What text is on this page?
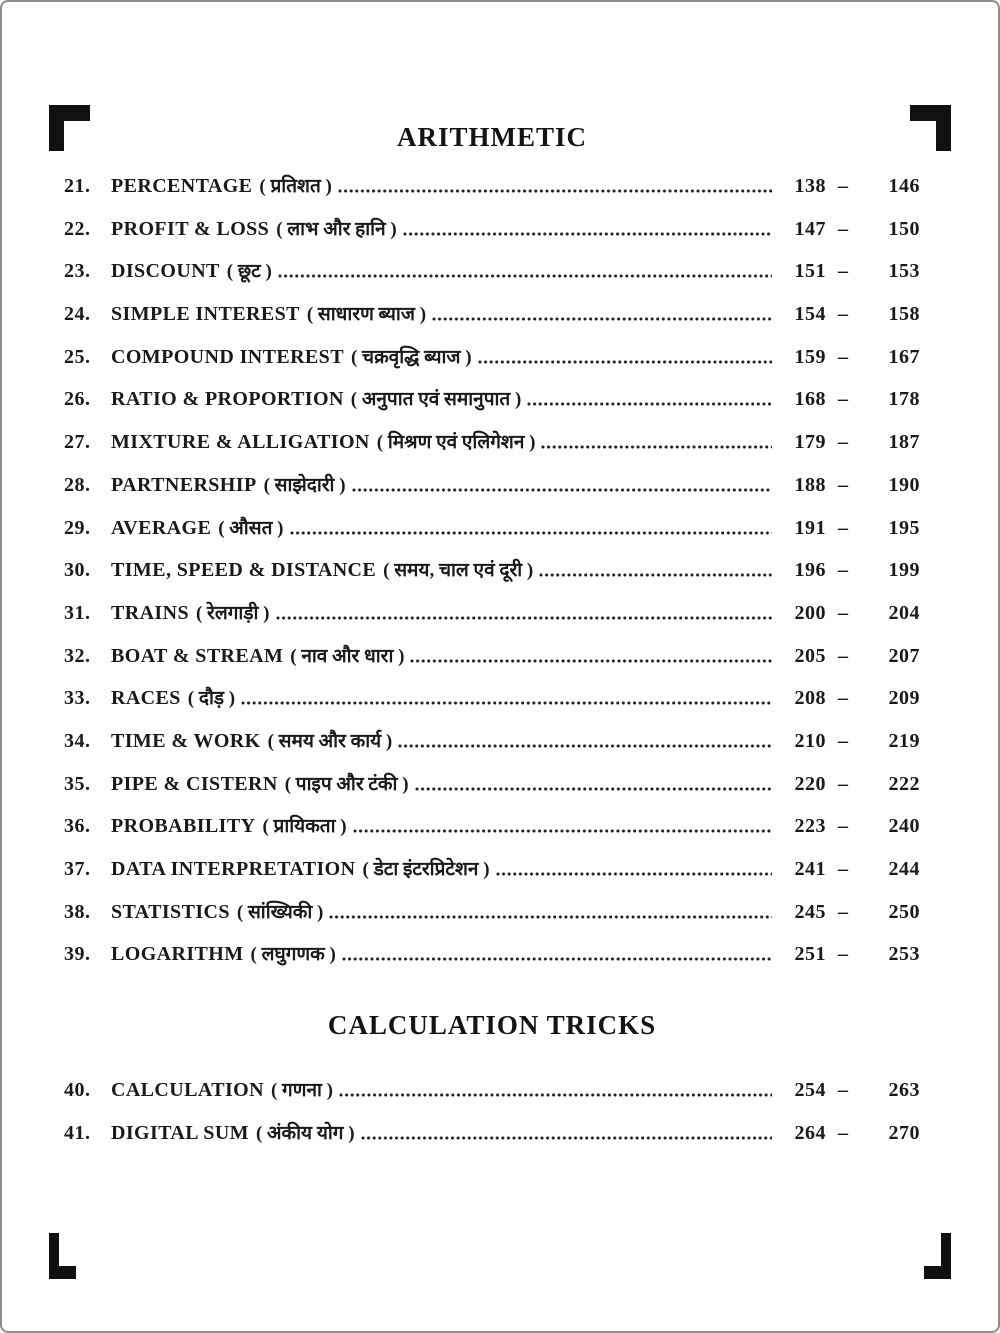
ARITHMETIC
21.	PERCENTAGE ( प्रतिशत )	138 –	146
22.	PROFIT & LOSS ( लाभ और हानि )	147 –	150
23.	DISCOUNT ( छूट )	151 –	153
24.	SIMPLE INTEREST ( साधारण ब्याज )	154 –	158
25.	COMPOUND INTEREST ( चक्रवृद्धि ब्याज )	159 –	167
26.	RATIO & PROPORTION ( अनुपात एवं समानुपात )	168 –	178
27.	MIXTURE & ALLIGATION ( मिश्रण एवं एलिगेशन )	179 –	187
28.	PARTNERSHIP ( साझेदारी )	188 –	190
29.	AVERAGE ( औसत )	191 –	195
30.	TIME, SPEED & DISTANCE ( समय, चाल एवं दूरी )	196 –	199
31.	TRAINS ( रेलगाड़ी )	200 –	204
32.	BOAT & STREAM ( नाव और धारा )	205 –	207
33.	RACES ( दौड़ )	208 –	209
34.	TIME & WORK ( समय और कार्य )	210 –	219
35.	PIPE & CISTERN ( पाइप और टंकी )	220 –	222
36.	PROBABILITY ( प्रायिकता )	223 –	240
37.	DATA INTERPRETATION ( डेटा इंटरप्रिटेशन )	241 –	244
38.	STATISTICS ( सांख्यिकी )	245 –	250
39.	LOGARITHM ( लघुगणक )	251 –	253
CALCULATION TRICKS
40.	CALCULATION ( गणना )	254 –	263
41.	DIGITAL SUM ( अंकीय योग )	264 –	270
